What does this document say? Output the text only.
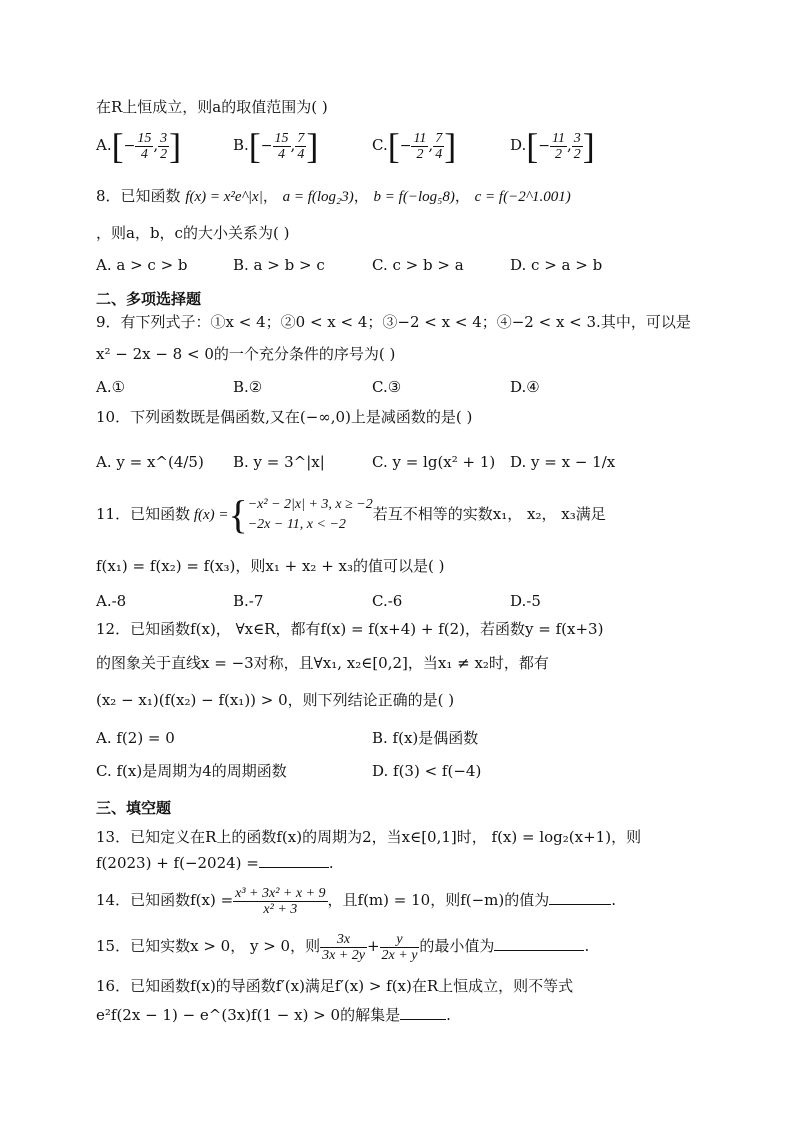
在R上恒成立，则a的取值范围为( )
$A.[- \frac{15}{4}$ , $\frac{3}{2}$ ]	$B.[- \frac{15}{4}$ , $\frac{7}{4}$ ]	$C.[- \frac{11}{2}$ , $\frac{7}{4}$ ]	$D.[- \frac{11}{2}$ , $\frac{3}{2}$ ]
8．已知函数 f(x) = x²e^|x|， a = f(log₂3)， b = f(−log₅8)， c = f(−2^1.001)
，则a，b，c的大小关系为( )
A. a > c > b	B. a > b > c	C. c > b > a	D. c > a > b
二、多项选择题
9．有下列式子：①x < 4；②0 < x < 4；③−2 < x < 4；④−2 < x < 3.其中，可以是
x² − 2x − 8 < 0的一个充分条件的序号为( )
A.①	B.②	C.③	D.④
10．下列函数既是偶函数,又在(−∞,0)上是减函数的是( )
A. y = x^(4/5) B. y = 3^|x|	C. y = lg(x² + 1) D. y = x − 1/x
11．已知函数 f(x) ={ −x² − 2|x| + 3, x ≥ −2
−2x − 11, x < −2
若互不相等的实数x₁， x₂， x₃满足
f(x₁) = f(x₂) = f(x₃)，则x₁ + x₂ + x₃的值可以是( )
A.-8	B.-7	C.-6	D.-5
12．已知函数f(x)， ∀x∈R，都有f(x) = f(x+4) + f(2)，若函数y = f(x+3)
的图象关于直线x = −3对称，且∀x₁, x₂∈[0,2]，当x₁ ≠ x₂时，都有
(x₂ − x₁)(f(x₂) − f(x₁)) > 0，则下列结论正确的是( )
A. f(2) = 0	B. f(x)是偶函数
C. f(x)是周期为4的周期函数	D. f(3) < f(−4)
三、填空题
13．已知定义在R上的函数f(x)的周期为2，当x∈[0,1]时， f(x) = log₂(x+1)，则
f(2023) + f(−2024) =	.
14．已知函数$f(x) = \frac{\text{x³ + 3x² + x + 9}}{\text{x² + 3}}$ ，且f(m) = 10，则f(−m)的值为	.
15．已知实数x > 0， y > 0，则 $\frac{3x}{3x + 2y} + \frac{y}{2x + y}$ 的最小值为	.
16．已知函数f(x)的导函数f′(x)满足f′(x) > f(x)在R上恒成立，则不等式
e²f(2x − 1) − e^(3x)f(1 − x) > 0的解集是	.
